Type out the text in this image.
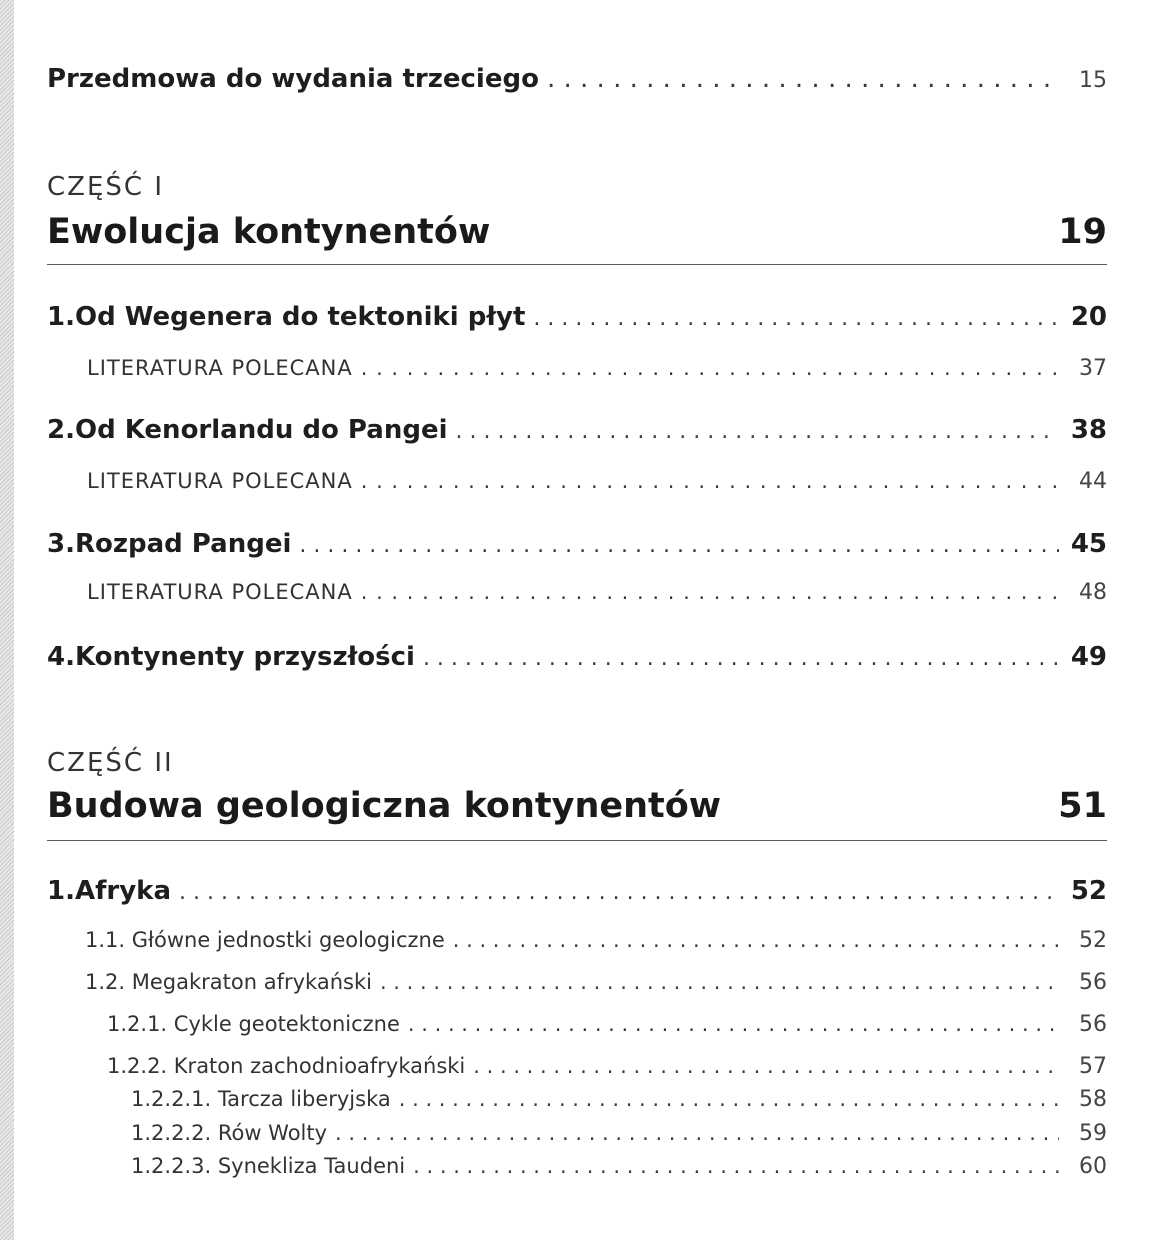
Przedmowa do wydania trzeciego . . .	15
CZĘŚĆ I
Ewolucja kontynentów	19
1. Od Wegenera do tektoniki płyt . . .	20
LITERATURA POLECANA . . .	37
2. Od Kenorlandu do Pangei . . .	38
LITERATURA POLECANA . . .	44
3. Rozpad Pangei . . .	45
LITERATURA POLECANA . . .	48
4. Kontynenty przyszłości . . .	49
CZĘŚĆ II
Budowa geologiczna kontynentów	51
1. Afryka . . .	52
1.1. Główne jednostki geologiczne . . .	52
1.2. Megakraton afrykański . . .	56
1.2.1. Cykle geotektoniczne . . .	56
1.2.2. Kraton zachodnioafrykański . . .	57
1.2.2.1. Tarcza liberyjska . . .	58
1.2.2.2. Rów Wolty . . .	59
1.2.2.3. Synekliza Taudeni . . .	60
